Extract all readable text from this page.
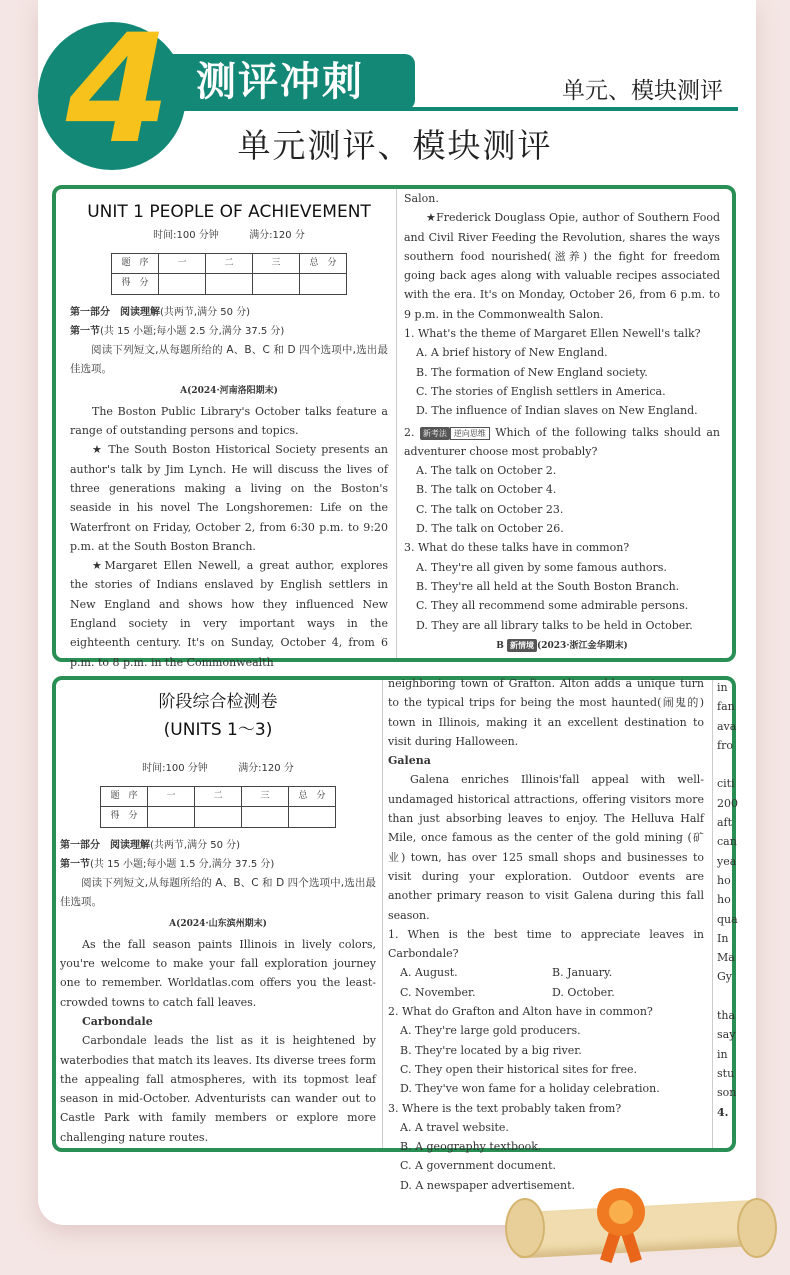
4 测评冲刺	单元、模块测评
单元测评、模块测评
UNIT 1 PEOPLE OF ACHIEVEMENT
时间:100 分钟	满分:120 分
题　序	一	二	三	总　分
得　分				

第一部分　阅读理解(共两节,满分 50 分)

第一节(共 15 小题;每小题 2.5 分,满分 37.5 分)

阅读下列短文,从每题所给的 A、B、C 和 D 四个选项中,选出最佳选项。

A(2024·河南洛阳期末)

The Boston Public Library's October talks feature a range of outstanding persons and topics.

★ The South Boston Historical Society presents an author's talk by Jim Lynch. He will discuss the lives of three generations making a living on the Boston's seaside in his novel The Longshoremen: Life on the Waterfront on Friday, October 2, from 6:30 p.m. to 9:20 p.m. at the South Boston Branch.

★Margaret Ellen Newell, a great author, explores the stories of Indians enslaved by English settlers in New England and shows how they influenced New England society in very important ways in the eighteenth century. It's on Sunday, October 4, from 6 p.m. to 8 p.m. in the Commonwealth

Salon.

★Frederick Douglass Opie, author of Southern Food and Civil River Feeding the Revolution, shares the ways southern food nourished(滋养) the fight for freedom going back ages along with valuable recipes associated with the era. It's on Monday, October 26, from 6 p.m. to 9 p.m. in the Commonwealth Salon.

1. What's the theme of Margaret Ellen Newell's talk?

A. A brief history of New England.

B. The formation of New England society.

C. The stories of English settlers in America.

D. The influence of Indian slaves on New England.

2. 新考法 逆向思维 Which of the following talks should an adventurer choose most probably?

A. The talk on October 2.

B. The talk on October 4.

C. The talk on October 23.

D. The talk on October 26.

3. What do these talks have in common?

A. They're all given by some famous authors.

B. They're all held at the South Boston Branch.

C. They all recommend some admirable persons.

D. They are all library talks to be held in October.

B 新情境 (2023·浙江金华期末)
阶段综合检测卷
(UNITS 1～3)
时间:100 分钟	满分:120 分
题　序	一	二	三	总　分
得　分				

第一部分　阅读理解(共两节,满分 50 分)

第一节(共 15 小题;每小题 1.5 分,满分 37.5 分)

阅读下列短文,从每题所给的 A、B、C 和 D 四个选项中,选出最佳选项。

A(2024·山东滨州期末)

As the fall season paints Illinois in lively colors, you're welcome to make your fall exploration journey one to remember. Worldatlas.com offers you the least-crowded towns to catch fall leaves.

Carbondale

Carbondale leads the list as it is heightened by waterbodies that match its leaves. Its diverse trees form the appealing fall atmospheres, with its topmost leaf season in mid-October. Adventurists can wander out to Castle Park with family members or explore more challenging nature routes.

neighboring town of Grafton. Alton adds a unique turn to the typical trips for being the most haunted(闹鬼的) town in Illinois, making it an excellent destination to visit during Halloween.

Galena

Galena enriches Illinois'fall appeal with well-undamaged historical attractions, offering visitors more than just absorbing leaves to enjoy. The Helluva Half Mile, once famous as the center of the gold mining (矿业) town, has over 125 small shops and businesses to visit during your exploration. Outdoor events are another primary reason to visit Galena during this fall season.

1. When is the best time to appreciate leaves in Carbondale?

A. August.	B. January.
C. November.	D. October.

2. What do Grafton and Alton have in common?

A. They're large gold producers.

B. They're located by a big river.

C. They open their historical sites for free.

D. They've won fame for a holiday celebration.

3. Where is the text probably taken from?

A. A travel website.

B. A geography textbook.

C. A government document.

D. A newspaper advertisement.

in
fan
ava
fro
citi
200
aft
can
yea
ho
ho
qua
In
Ma
Gy
tha
say
in
stu
son
4.
